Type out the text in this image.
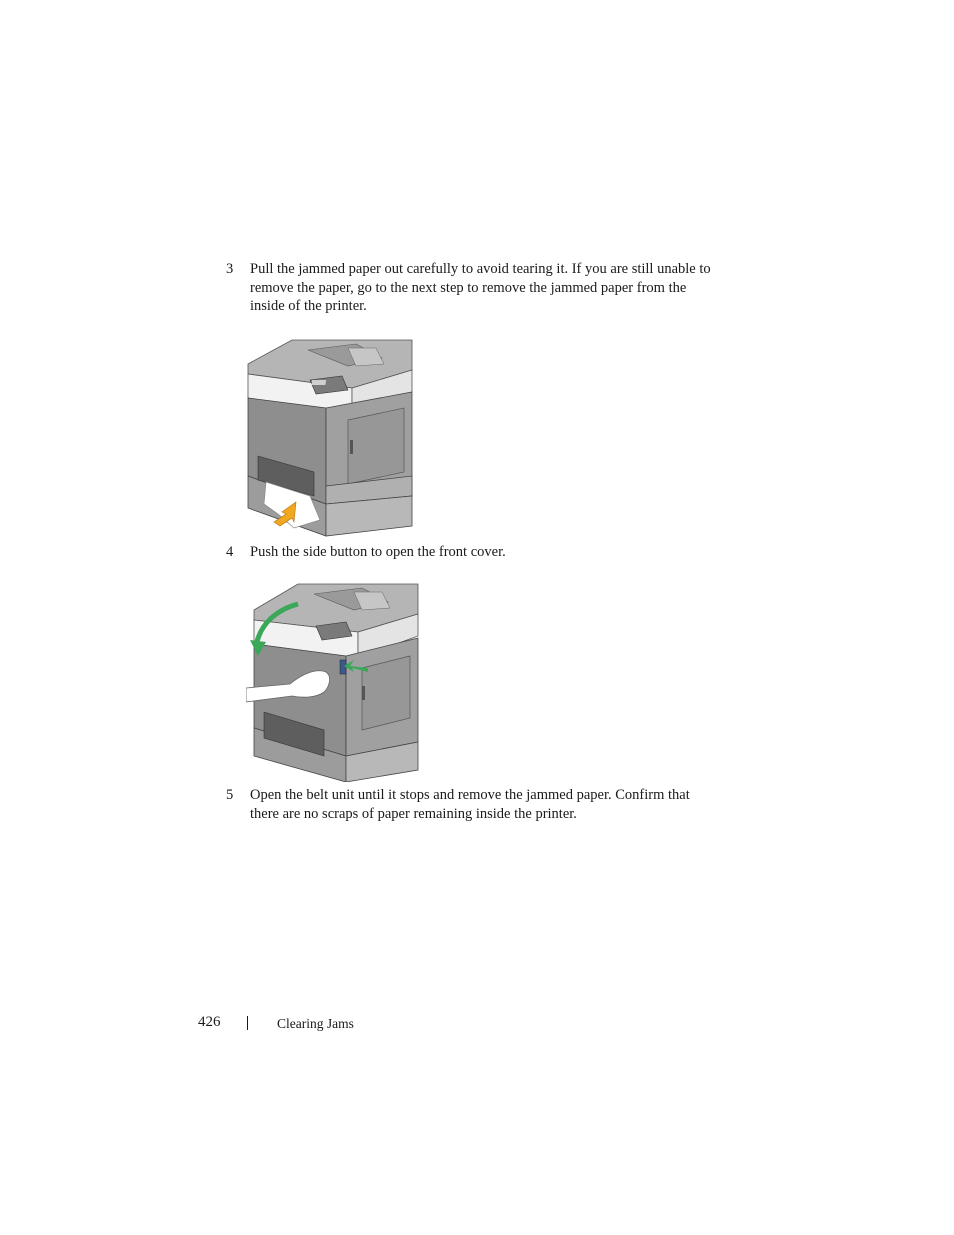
3 Pull the jammed paper out carefully to avoid tearing it. If you are still unable to remove the paper, go to the next step to remove the jammed paper from the inside of the printer.
4 Push the side button to open the front cover.
5 Open the belt unit until it stops and remove the jammed paper. Confirm that there are no scraps of paper remaining inside the printer.
426	Clearing Jams
